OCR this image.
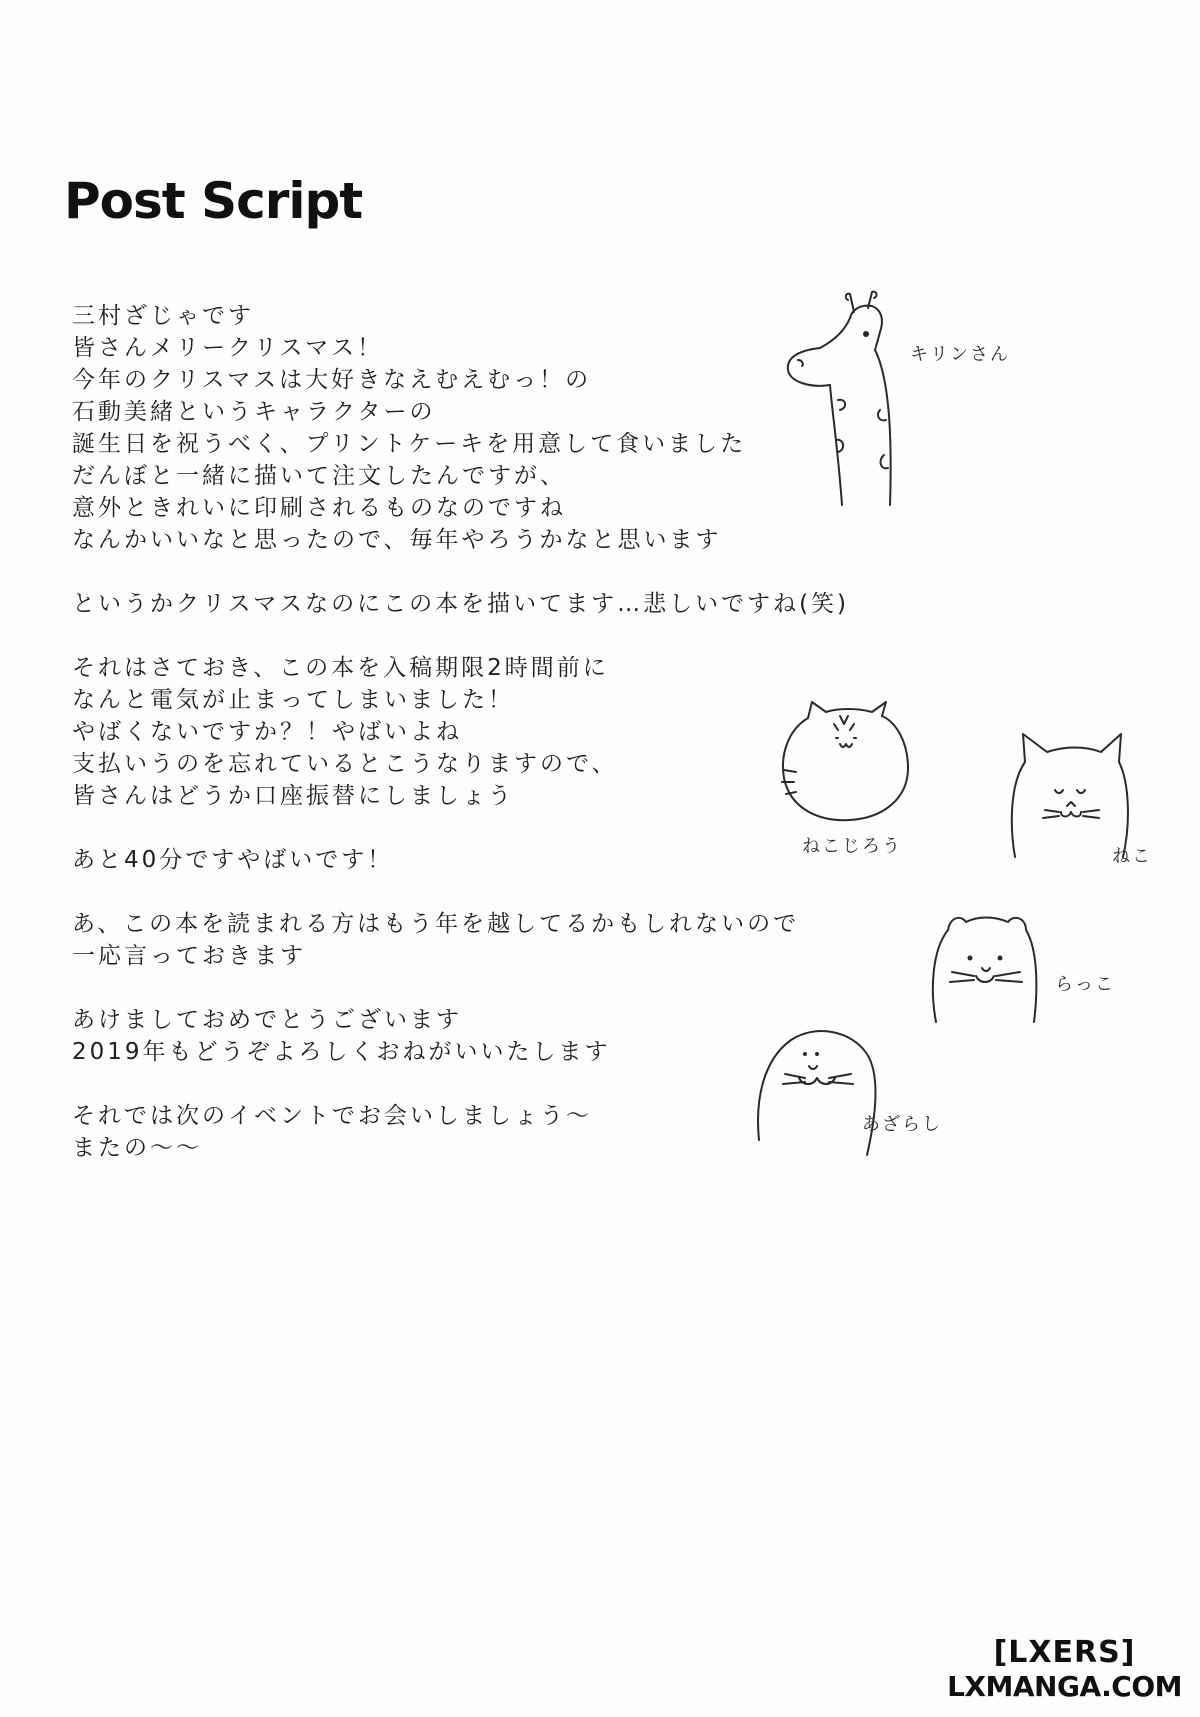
Post Script
三村ざじゃです
皆さんメリークリスマス！
今年のクリスマスは大好きなえむえむっ！の
石動美緒というキャラクターの
誕生日を祝うべく、プリントケーキを用意して食いました
だんぼと一緒に描いて注文したんですが、
意外ときれいに印刷されるものなのですね
なんかいいなと思ったので、毎年やろうかなと思います
というかクリスマスなのにこの本を描いてます…悲しいですね(笑)
それはさておき、この本を入稿期限2時間前に
なんと電気が止まってしまいました！
やばくないですか？！やばいよね
支払いうのを忘れているとこうなりますので、
皆さんはどうか口座振替にしましょう
あと40分ですやばいです！
あ、この本を読まれる方はもう年を越してるかもしれないので
一応言っておきます
あけましておめでとうございます
2019年もどうぞよろしくおねがいいたします
それでは次のイベントでお会いしましょう～
またの～～
キリンさん
ねこじろう	ねこ
らっこ
あざらし
[LXERS]
LXMANGA.COM
